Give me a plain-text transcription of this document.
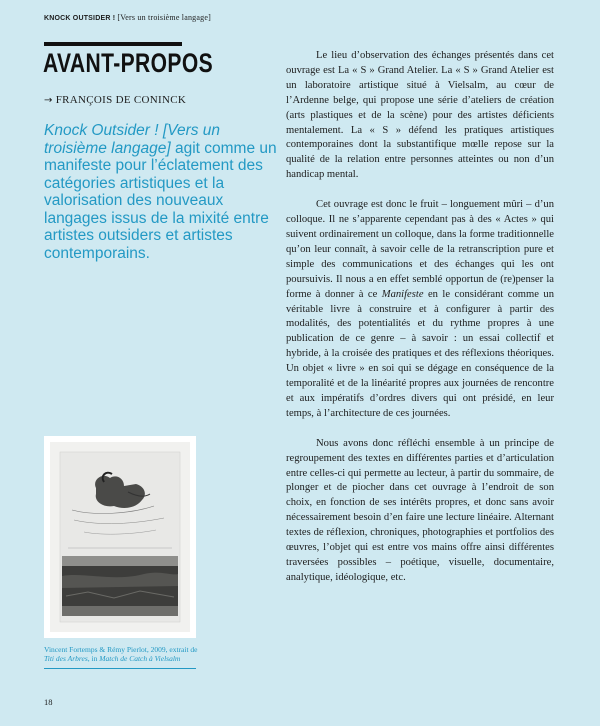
KNOCK OUTSIDER ! [Vers un troisième langage]
AVANT-PROPOS
→ FRANÇOIS DE CONINCK
Knock Outsider ! [Vers un troisième langage] agit comme un manifeste pour l’éclatement des catégories artistiques et la valorisation des nouveaux langages issus de la mixité entre artistes outsiders et artistes contemporains.
Vincent Fortemps & Rémy Pierlot, 2009, extrait de Titi des Arbres, in Match de Catch à Vielsalm

Le lieu d’observation des échanges présentés dans cet ouvrage est La « S » Grand Atelier. La « S » Grand Atelier est un laboratoire artistique situé à Vielsalm, au cœur de l’Ardenne belge, qui propose une série d’ateliers de création (arts plastiques et de la scène) pour des artistes déficients mentalement. La « S » défend les pratiques artistiques contemporaines dont la substantifique mœlle repose sur la qualité de la relation entre personnes atteintes ou non d’un handicap mental.

Cet ouvrage est donc le fruit – longuement mûri – d’un colloque. Il ne s’apparente cependant pas à des « Actes » qui suivent ordinairement un colloque, dans la forme traditionnelle qu’on leur connaît, à savoir celle de la retranscription pure et simple des communications et des échanges qui les ont poursuivis. Il nous a en effet semblé opportun de (re)penser la forme à donner à ce Manifeste en le considérant comme un véritable livre à construire et à configurer à partir des modalités, des potentialités et du rythme propres à une publication de ce genre – à savoir : un essai collectif et hybride, à la croisée des pratiques et des réflexions théoriques. Un objet « livre » en soi qui se dégage en conséquence de la temporalité et de la linéarité propres aux journées de rencontre et aux impératifs d’ordres divers qui ont présidé, en leur temps, à l’architecture de ces journées.

Nous avons donc réfléchi ensemble à un principe de regroupement des textes en différentes parties et d’articulation entre celles-ci qui permette au lecteur, à partir du sommaire, de plonger et de piocher dans cet ouvrage à l’endroit de son choix, en fonction de ses intérêts propres, et donc sans avoir nécessairement besoin d’en faire une lecture linéaire. Alternant textes de réflexion, chroniques, photographies et portfolios des œuvres, l’objet qui est entre vos mains offre ainsi différentes traversées possibles – poétique, visuelle, documentaire, analytique, idéologique, etc.

18
